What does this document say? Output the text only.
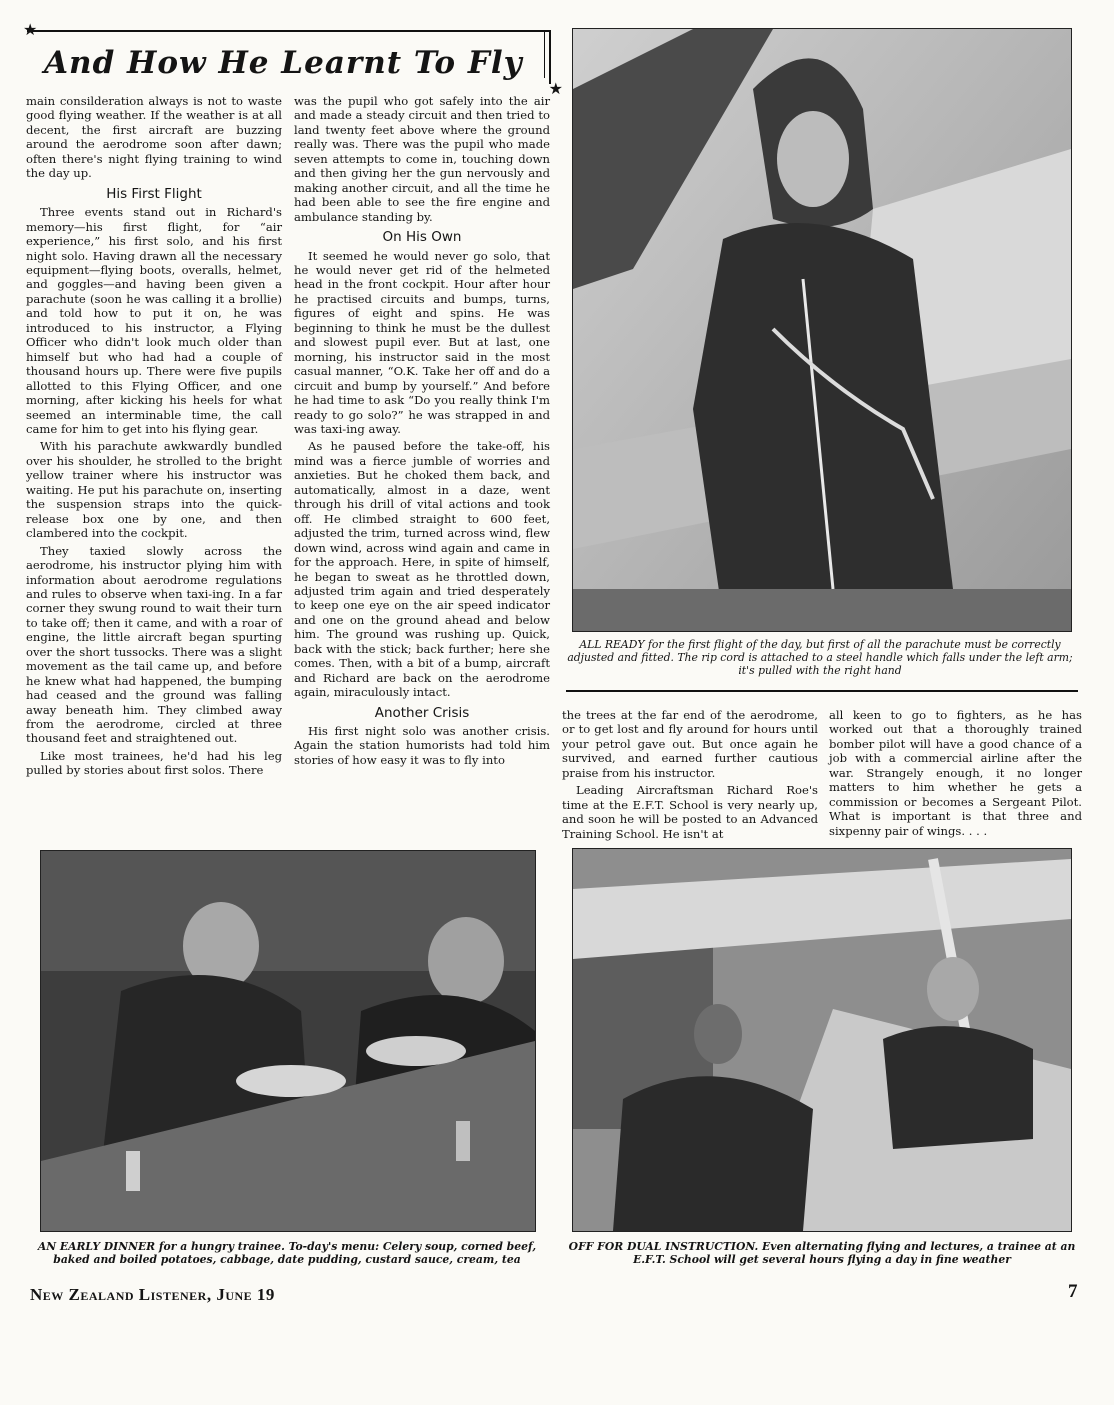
★
★
And How He Learnt To Fly

main consilderation always is not to waste good flying weather. If the weather is at all decent, the first aircraft are buzzing around the aerodrome soon after dawn; often there's night flying training to wind the day up.

His First Flight

Three events stand out in Richard's memory—his first flight, for “air experience,” his first solo, and his first night solo. Having drawn all the necessary equipment—flying boots, overalls, helmet, and goggles—and having been given a parachute (soon he was calling it a brollie) and told how to put it on, he was introduced to his instructor, a Flying Officer who didn't look much older than himself but who had had a couple of thousand hours up. There were five pupils allotted to this Flying Officer, and one morning, after kicking his heels for what seemed an interminable time, the call came for him to get into his flying gear.

With his parachute awkwardly bundled over his shoulder, he strolled to the bright yellow trainer where his instructor was waiting. He put his parachute on, inserting the suspension straps into the quick-release box one by one, and then clambered into the cockpit.

They taxied slowly across the aerodrome, his instructor plying him with information about aerodrome regulations and rules to observe when taxi-ing. In a far corner they swung round to wait their turn to take off; then it came, and with a roar of engine, the little aircraft began spurting over the short tussocks. There was a slight movement as the tail came up, and before he knew what had happened, the bumping had ceased and the ground was falling away beneath him. They climbed away from the aerodrome, circled at three thousand feet and straightened out.

Like most trainees, he'd had his leg pulled by stories about first solos. There

was the pupil who got safely into the air and made a steady circuit and then tried to land twenty feet above where the ground really was. There was the pupil who made seven attempts to come in, touching down and then giving her the gun nervously and making another circuit, and all the time he had been able to see the fire engine and ambulance standing by.

On His Own

It seemed he would never go solo, that he would never get rid of the helmeted head in the front cockpit. Hour after hour he practised circuits and bumps, turns, figures of eight and spins. He was beginning to think he must be the dullest and slowest pupil ever. But at last, one morning, his instructor said in the most casual manner, “O.K. Take her off and do a circuit and bump by yourself.” And before he had time to ask “Do you really think I'm ready to go solo?” he was strapped in and was taxi-ing away.

As he paused before the take-off, his mind was a fierce jumble of worries and anxieties. But he choked them back, and automatically, almost in a daze, went through his drill of vital actions and took off. He climbed straight to 600 feet, adjusted the trim, turned across wind, flew down wind, across wind again and came in for the approach. Here, in spite of himself, he began to sweat as he throttled down, adjusted trim again and tried desperately to keep one eye on the air speed indicator and one on the ground ahead and below him. The ground was rushing up. Quick, back with the stick; back further; here she comes. Then, with a bit of a bump, aircraft and Richard are back on the aerodrome again, miraculously intact.

Another Crisis

His first night solo was another crisis. Again the station humorists had told him stories of how easy it was to fly into

ALL READY for the first flight of the day, but first of all the parachute must be correctly adjusted and fitted. The rip cord is attached to a steel handle which falls under the left arm; it's pulled with the right hand

the trees at the far end of the aerodrome, or to get lost and fly around for hours until your petrol gave out. But once again he survived, and earned further cautious praise from his instructor.

Leading Aircraftsman Richard Roe's time at the E.F.T. School is very nearly up, and soon he will be posted to an Advanced Training School. He isn't at

all keen to go to fighters, as he has worked out that a thoroughly trained bomber pilot will have a good chance of a job with a commercial airline after the war. Strangely enough, it no longer matters to him whether he gets a commission or becomes a Sergeant Pilot. What is important is that three and sixpenny pair of wings. . . .

AN EARLY DINNER for a hungry trainee. To-day's menu: Celery soup, corned beef, baked and boiled potatoes, cabbage, date pudding, custard sauce, cream, tea
OFF FOR DUAL INSTRUCTION. Even alternating flying and lectures, a trainee at an E.F.T. School will get several hours flying a day in fine weather
New Zealand Listener, June 19	7
